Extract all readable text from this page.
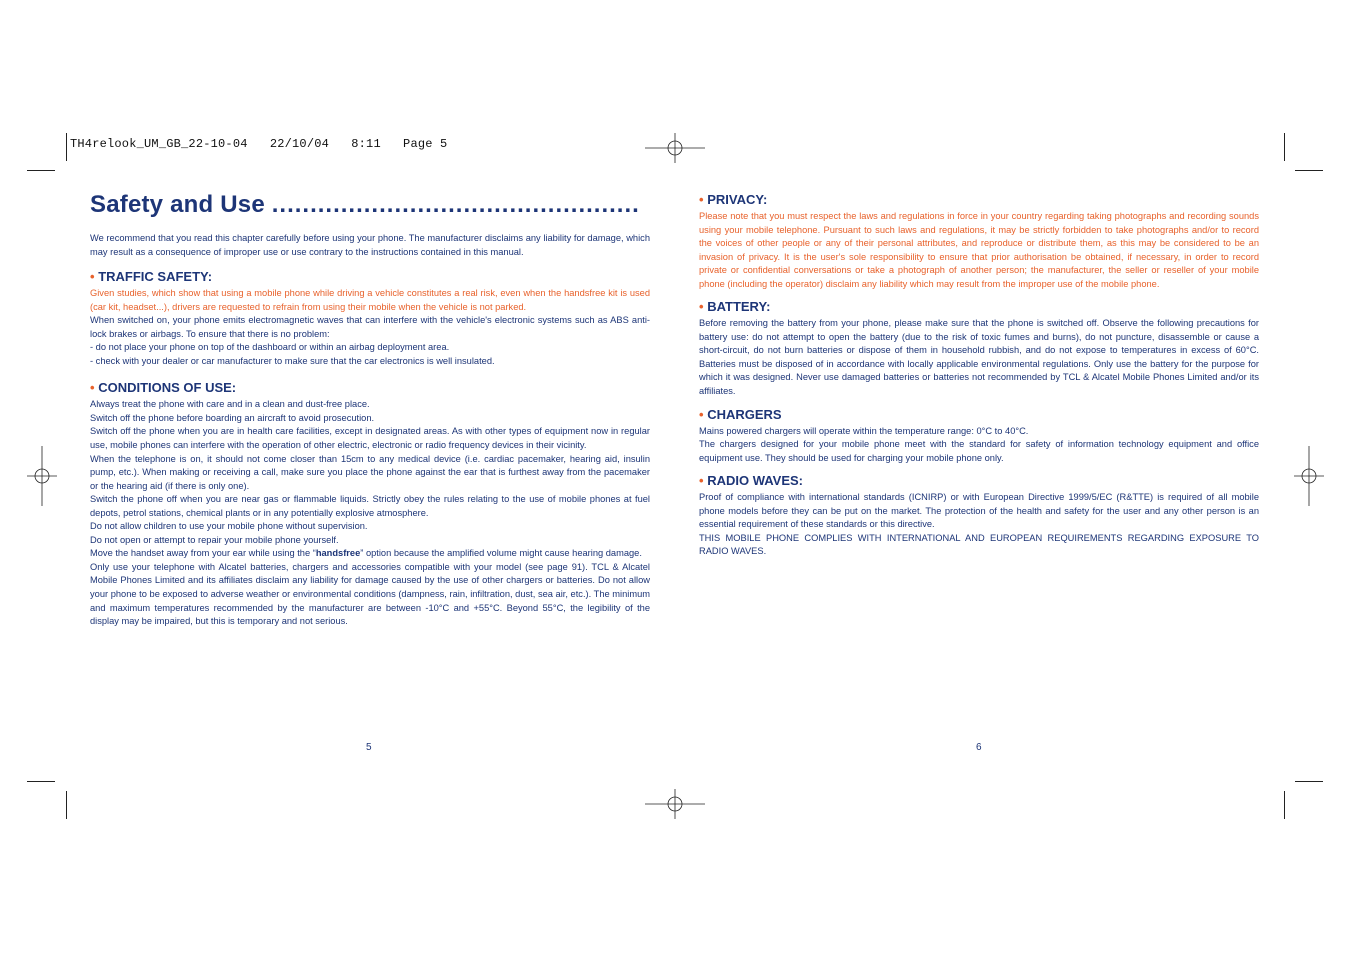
TH4relook_UM_GB_22-10-04   22/10/04   8:11   Page 5
Safety and Use ................................................

We recommend that you read this chapter carefully before using your phone. The manufacturer disclaims any liability for damage, which may result as a consequence of improper use or use contrary to the instructions contained in this manual.

• TRAFFIC SAFETY:

Given studies, which show that using a mobile phone while driving a vehicle constitutes a real risk, even when the handsfree kit is used (car kit, headset...), drivers are requested to refrain from using their mobile when the vehicle is not parked.

When switched on, your phone emits electromagnetic waves that can interfere with the vehicle's electronic systems such as ABS anti-lock brakes or airbags. To ensure that there is no problem:

- do not place your phone on top of the dashboard or within an airbag deployment area.

- check with your dealer or car manufacturer to make sure that the car electronics is well insulated.

• CONDITIONS OF USE:

Always treat the phone with care and in a clean and dust-free place.

Switch off the phone before boarding an aircraft to avoid prosecution.

Switch off the phone when you are in health care facilities, except in designated areas. As with other types of equipment now in regular use, mobile phones can interfere with the operation of other electric, electronic or radio frequency devices in their vicinity.

When the telephone is on, it should not come closer than 15cm to any medical device (i.e. cardiac pacemaker, hearing aid, insulin pump, etc.). When making or receiving a call, make sure you place the phone against the ear that is furthest away from the pacemaker or the hearing aid (if there is only one).

Switch the phone off when you are near gas or flammable liquids. Strictly obey the rules relating to the use of mobile phones at fuel depots, petrol stations, chemical plants or in any potentially explosive atmosphere.

Do not allow children to use your mobile phone without supervision.

Do not open or attempt to repair your mobile phone yourself.

Move the handset away from your ear while using the “handsfree” option because the amplified volume might cause hearing damage.

Only use your telephone with Alcatel batteries, chargers and accessories compatible with your model (see page 91). TCL & Alcatel Mobile Phones Limited and its affiliates disclaim any liability for damage caused by the use of other chargers or batteries. Do not allow your phone to be exposed to adverse weather or environmental conditions (dampness, rain, infiltration, dust, sea air, etc.). The minimum and maximum temperatures recommended by the manufacturer are between -10°C and +55°C. Beyond 55°C, the legibility of the display may be impaired, but this is temporary and not serious.

5
• PRIVACY:

Please note that you must respect the laws and regulations in force in your country regarding taking photographs and recording sounds using your mobile telephone. Pursuant to such laws and regulations, it may be strictly forbidden to take photographs and/or to record the voices of other people or any of their personal attributes, and reproduce or distribute them, as this may be considered to be an invasion of privacy. It is the user's sole responsibility to ensure that prior authorisation be obtained, if necessary, in order to record private or confidential conversations or take a photograph of another person; the manufacturer, the seller or reseller of your mobile phone (including the operator) disclaim any liability which may result from the improper use of the mobile phone.

• BATTERY:

Before removing the battery from your phone, please make sure that the phone is switched off. Observe the following precautions for battery use: do not attempt to open the battery (due to the risk of toxic fumes and burns), do not puncture, disassemble or cause a short-circuit, do not burn batteries or dispose of them in household rubbish, and do not expose to temperatures in excess of 60°C. Batteries must be disposed of in accordance with locally applicable environmental regulations. Only use the battery for the purpose for which it was designed. Never use damaged batteries or batteries not recommended by TCL & Alcatel Mobile Phones Limited and/or its affiliates.

• CHARGERS

Mains powered chargers will operate within the temperature range: 0°C to 40°C.

The chargers designed for your mobile phone meet with the standard for safety of information technology equipment and office equipment use. They should be used for charging your mobile phone only.

• RADIO WAVES:

Proof of compliance with international standards (ICNIRP) or with European Directive 1999/5/EC (R&TTE) is required of all mobile phone models before they can be put on the market. The protection of the health and safety for the user and any other person is an essential requirement of these standards or this directive.

THIS MOBILE PHONE COMPLIES WITH INTERNATIONAL AND EUROPEAN REQUIREMENTS REGARDING EXPOSURE TO RADIO WAVES.

6
